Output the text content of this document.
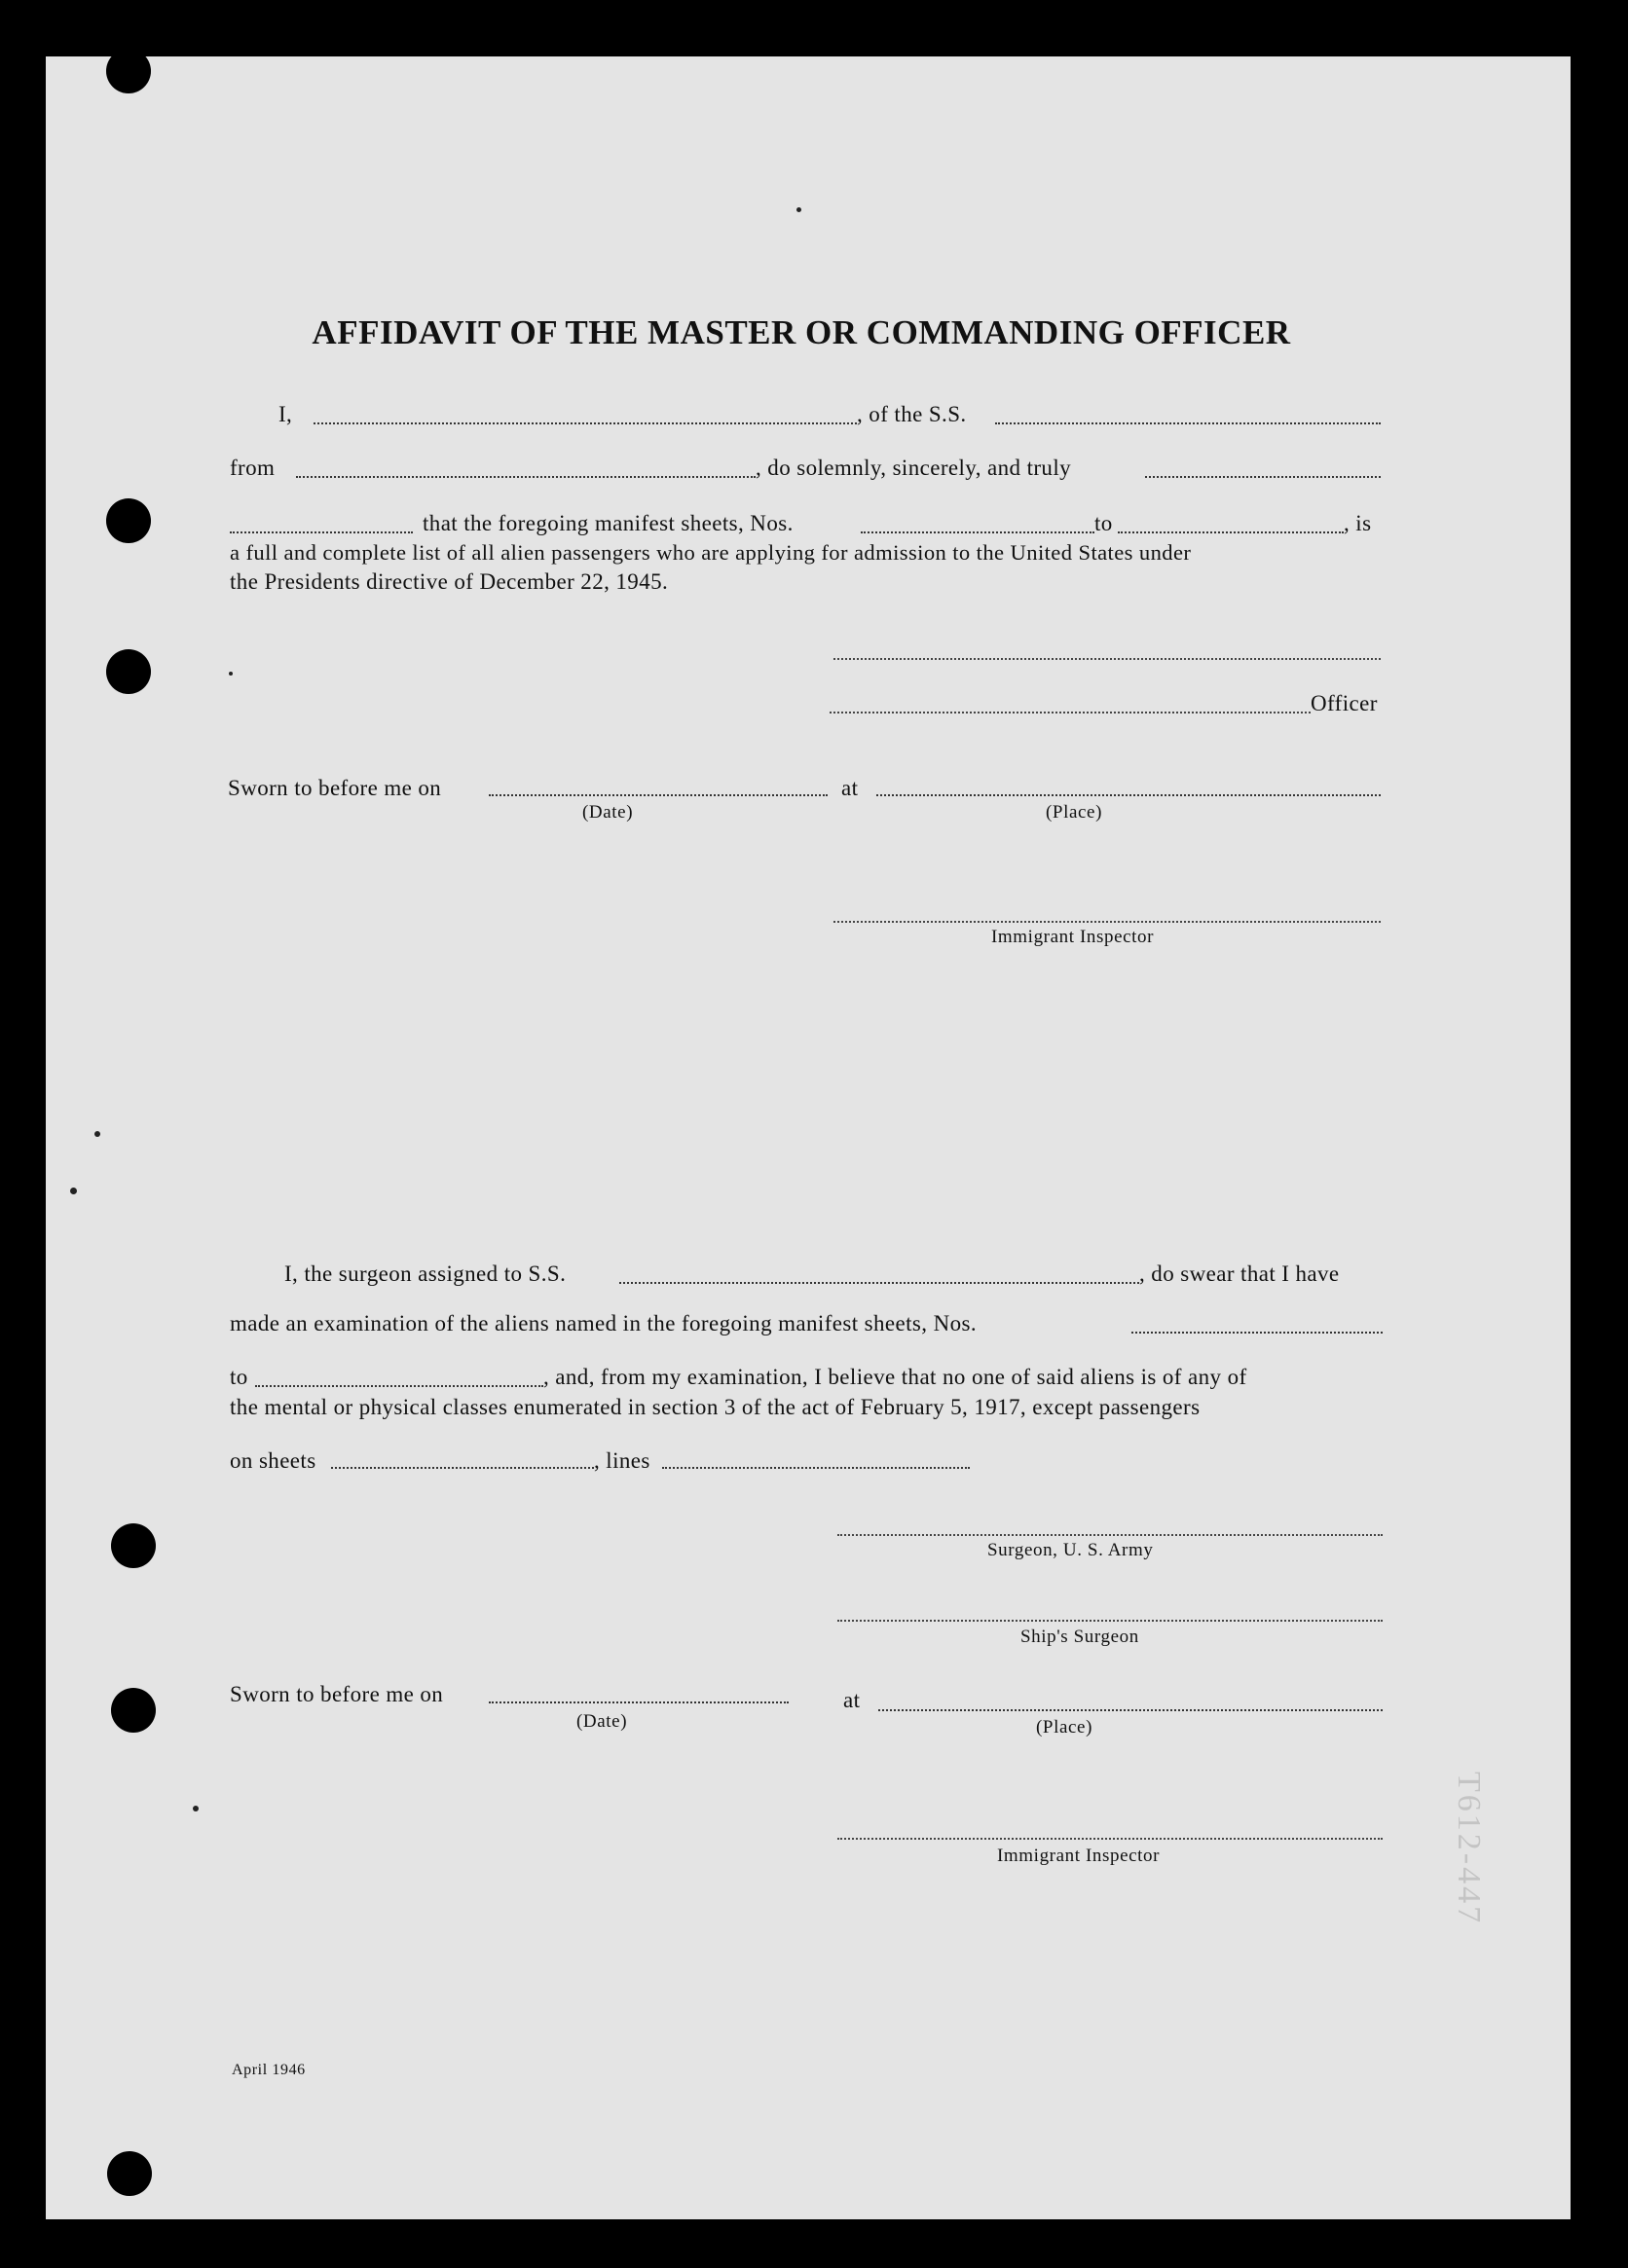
AFFIDAVIT OF THE MASTER OR COMMANDING OFFICER
I,	, of the S.S.
from	, do solemnly, sincerely, and truly
that the foregoing manifest sheets, Nos.	to	, is
a full and complete list of all alien passengers who are applying for admission to the United States under
the Presidents directive of December 22, 1945.
Officer
Sworn to before me on	at
(Date)	(Place)
Immigrant Inspector
I, the surgeon assigned to S.S.	, do swear that I have
made an examination of the aliens named in the foregoing manifest sheets, Nos.
to	, and, from my examination, I believe that no one of said aliens is of any of
the mental or physical classes enumerated in section 3 of the act of February 5, 1917, except passengers
on sheets	, lines
Surgeon, U. S. Army
Ship's Surgeon
Sworn to before me on	at
(Date)	(Place)
Immigrant Inspector
April 1946
T612-447
